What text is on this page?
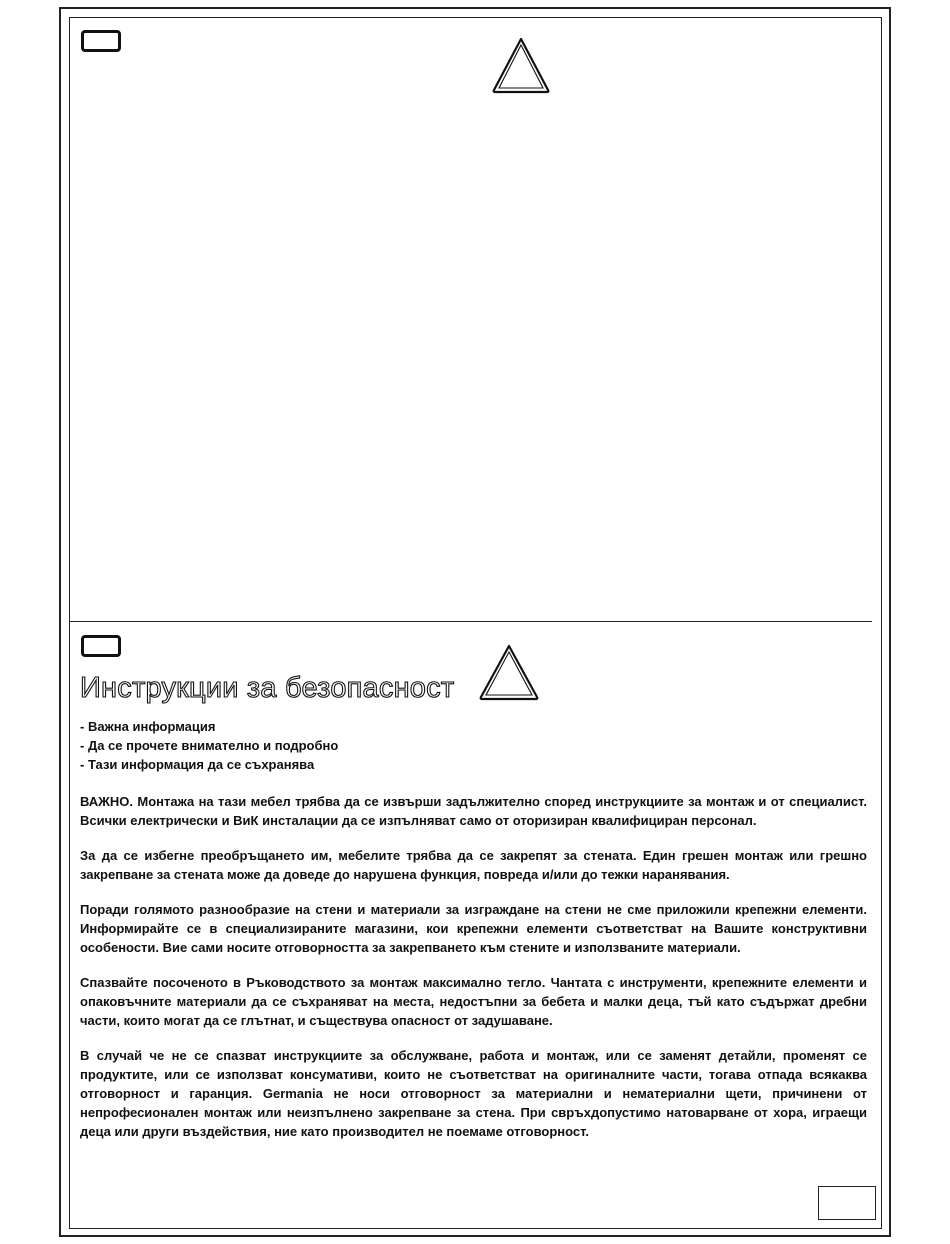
Инструкции за безопасност
- Важна информация
- Да се прочете внимателно и подробно
- Тази информация да се съхранява

ВАЖНО. Монтажа на тази мебел трябва да се извърши задължително според инструкциите за монтаж и от специалист. Всички електрически и ВиК инсталации да се изпълняват само от оторизиран квалифициран персонал.

За да се избегне преобръщането им, мебелите трябва да се закрепят за стената. Един грешен монтаж или грешно закрепване за стената може да доведе до нарушена функция, повреда и/или до тежки наранявания.

Поради голямото разнообразие на стени и материали за изграждане на стени не сме приложили крепежни елементи. Информирайте се в специализираните магазини, кои крепежни елементи съответстват на Вашите конструктивни особености. Вие сами носите отговорността за закрепването към стените и използваните материали.

Спазвайте посоченото в Ръководството за монтаж максимално тегло. Чантата с инструменти, крепежните елементи и опаковъчните материали да се съхраняват на места, недостъпни за бебета и малки деца, тъй като съдържат дребни части, които могат да се глътнат, и съществува опасност от задушаване.

В случай че не се спазват инструкциите за обслужване, работа и монтаж, или се заменят детайли, променят се продуктите, или се използват консумативи, които не съответстват на оригиналните части, тогава отпада всякаква отговорност и гаранция. Germania не носи отговорност за материални и нематериални щети, причинени от непрофесионален монтаж или неизпълнено закрепване за стена. При свръхдопустимо натоварване от хора, играещи деца или други въздействия, ние като производител не поемаме отговорност.
